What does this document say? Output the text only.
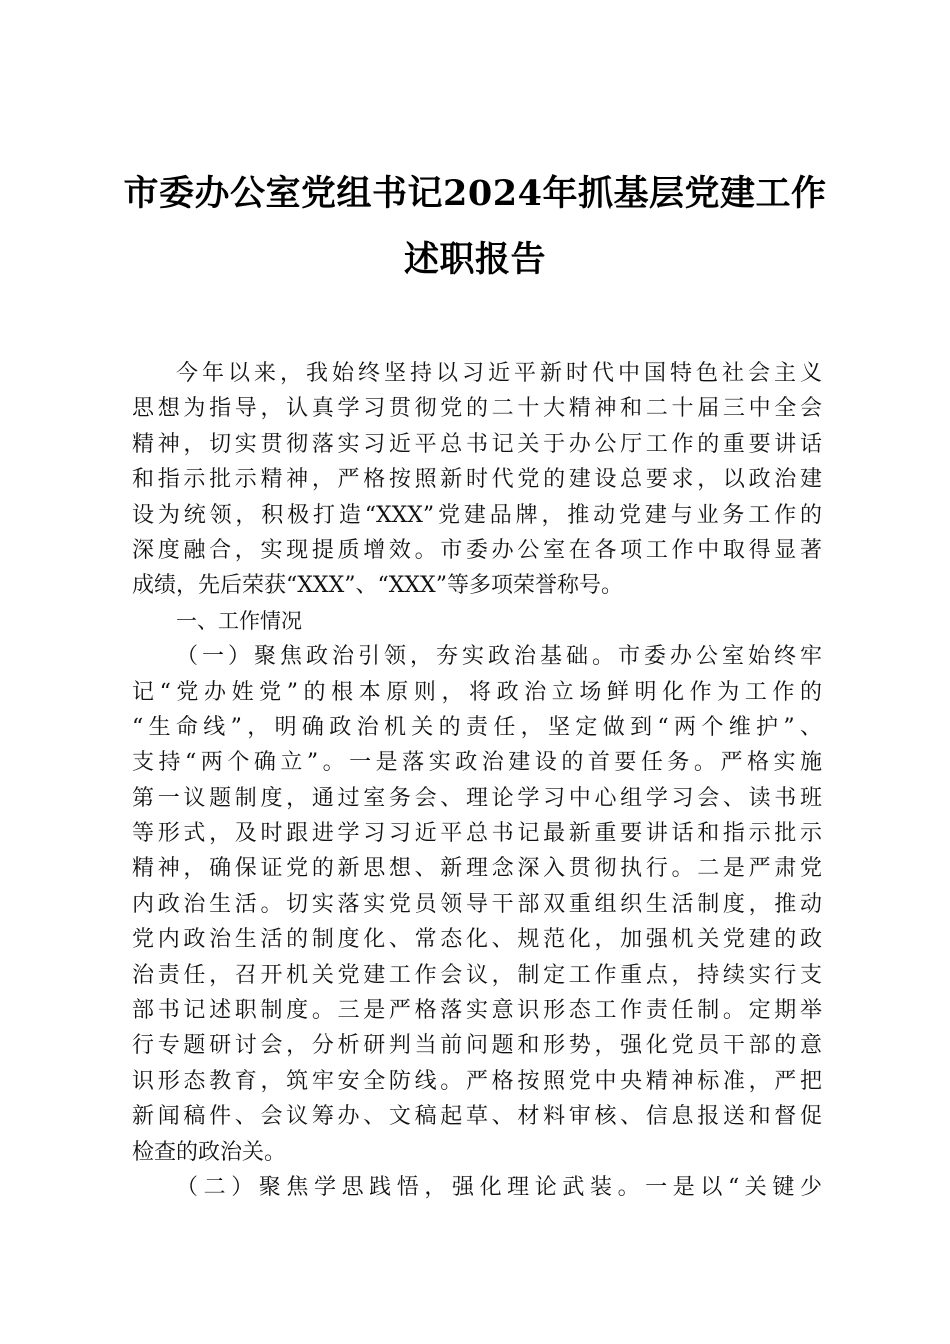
市委办公室党组书记2024年抓基层党建工作
述职报告
今年以来，我始终坚持以习近平新时代中国特色社会主义
思想为指导，认真学习贯彻党的二十大精神和二十届三中全会
精神，切实贯彻落实习近平总书记关于办公厅工作的重要讲话
和指示批示精神，严格按照新时代党的建设总要求，以政治建
设为统领，积极打造“XXX”党建品牌，推动党建与业务工作的
深度融合，实现提质增效。市委办公室在各项工作中取得显著
成绩，先后荣获“XXX”、“XXX”等多项荣誉称号。
一、工作情况
（一）聚焦政治引领，夯实政治基础。市委办公室始终牢
记“党办姓党”的根本原则，将政治立场鲜明化作为工作的
“生命线”，明确政治机关的责任，坚定做到“两个维护”、
支持“两个确立”。一是落实政治建设的首要任务。严格实施
第一议题制度，通过室务会、理论学习中心组学习会、读书班
等形式，及时跟进学习习近平总书记最新重要讲话和指示批示
精神，确保证党的新思想、新理念深入贯彻执行。二是严肃党
内政治生活。切实落实党员领导干部双重组织生活制度，推动
党内政治生活的制度化、常态化、规范化，加强机关党建的政
治责任，召开机关党建工作会议，制定工作重点，持续实行支
部书记述职制度。三是严格落实意识形态工作责任制。定期举
行专题研讨会，分析研判当前问题和形势，强化党员干部的意
识形态教育，筑牢安全防线。严格按照党中央精神标准，严把
新闻稿件、会议筹办、文稿起草、材料审核、信息报送和督促
检查的政治关。
（二）聚焦学思践悟，强化理论武装。一是以“关键少
